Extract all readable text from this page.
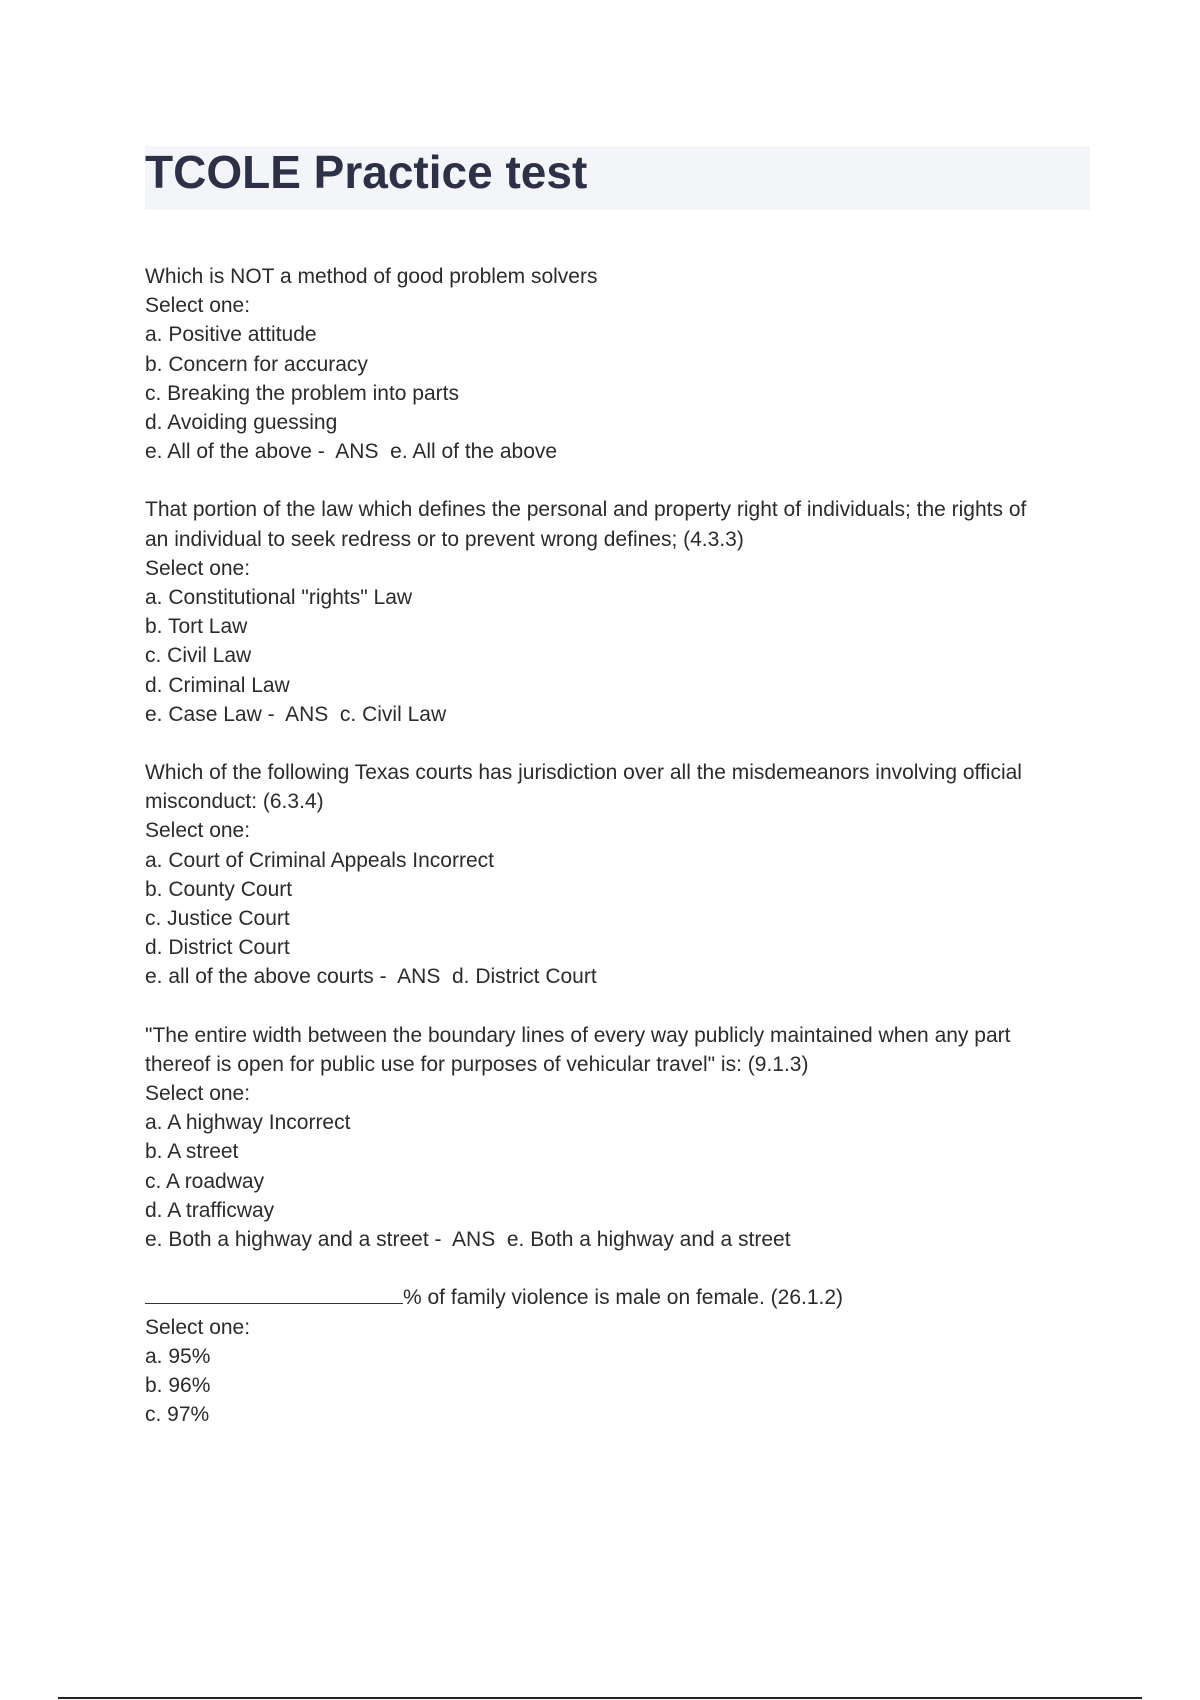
TCOLE Practice test
Which is NOT a method of good problem solvers
Select one:
a. Positive attitude
b. Concern for accuracy
c. Breaking the problem into parts
d. Avoiding guessing
e. All of the above -  ANS  e. All of the above
That portion of the law which defines the personal and property right of individuals; the rights of
an individual to seek redress or to prevent wrong defines; (4.3.3)
Select one:
a. Constitutional "rights" Law
b. Tort Law
c. Civil Law
d. Criminal Law
e. Case Law -  ANS  c. Civil Law
Which of the following Texas courts has jurisdiction over all the misdemeanors involving official
misconduct: (6.3.4)
Select one:
a. Court of Criminal Appeals Incorrect
b. County Court
c. Justice Court
d. District Court
e. all of the above courts -  ANS  d. District Court
"The entire width between the boundary lines of every way publicly maintained when any part
thereof is open for public use for purposes of vehicular travel" is: (9.1.3)
Select one:
a. A highway Incorrect
b. A street
c. A roadway
d. A trafficway
e. Both a highway and a street -  ANS  e. Both a highway and a street
% of family violence is male on female. (26.1.2)
Select one:
a. 95%
b. 96%
c. 97%
